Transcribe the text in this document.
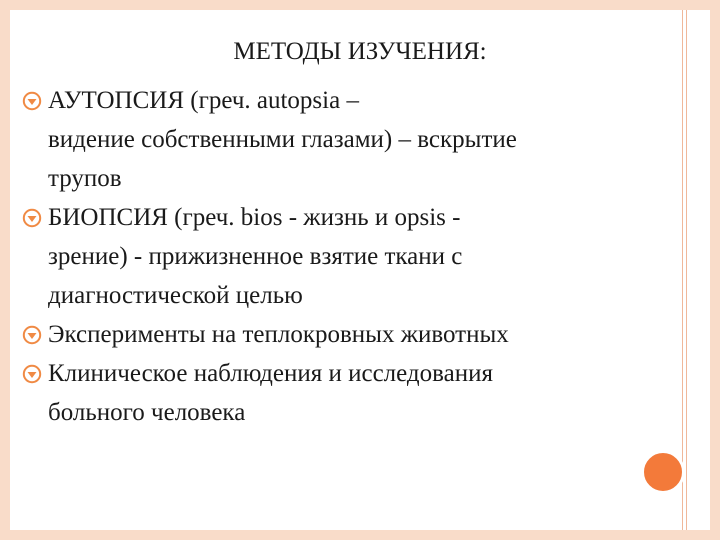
МЕТОДЫ ИЗУЧЕНИЯ:
АУТОПСИЯ (греч. autopsia –
видение собственными глазами) – вскрытие
трупов
БИОПСИЯ (греч. bios - жизнь и opsis -
зрение) - прижизненное взятие ткани с
диагностической целью
Эксперименты на теплокровных животных
Клиническое наблюдения и исследования
больного человека
